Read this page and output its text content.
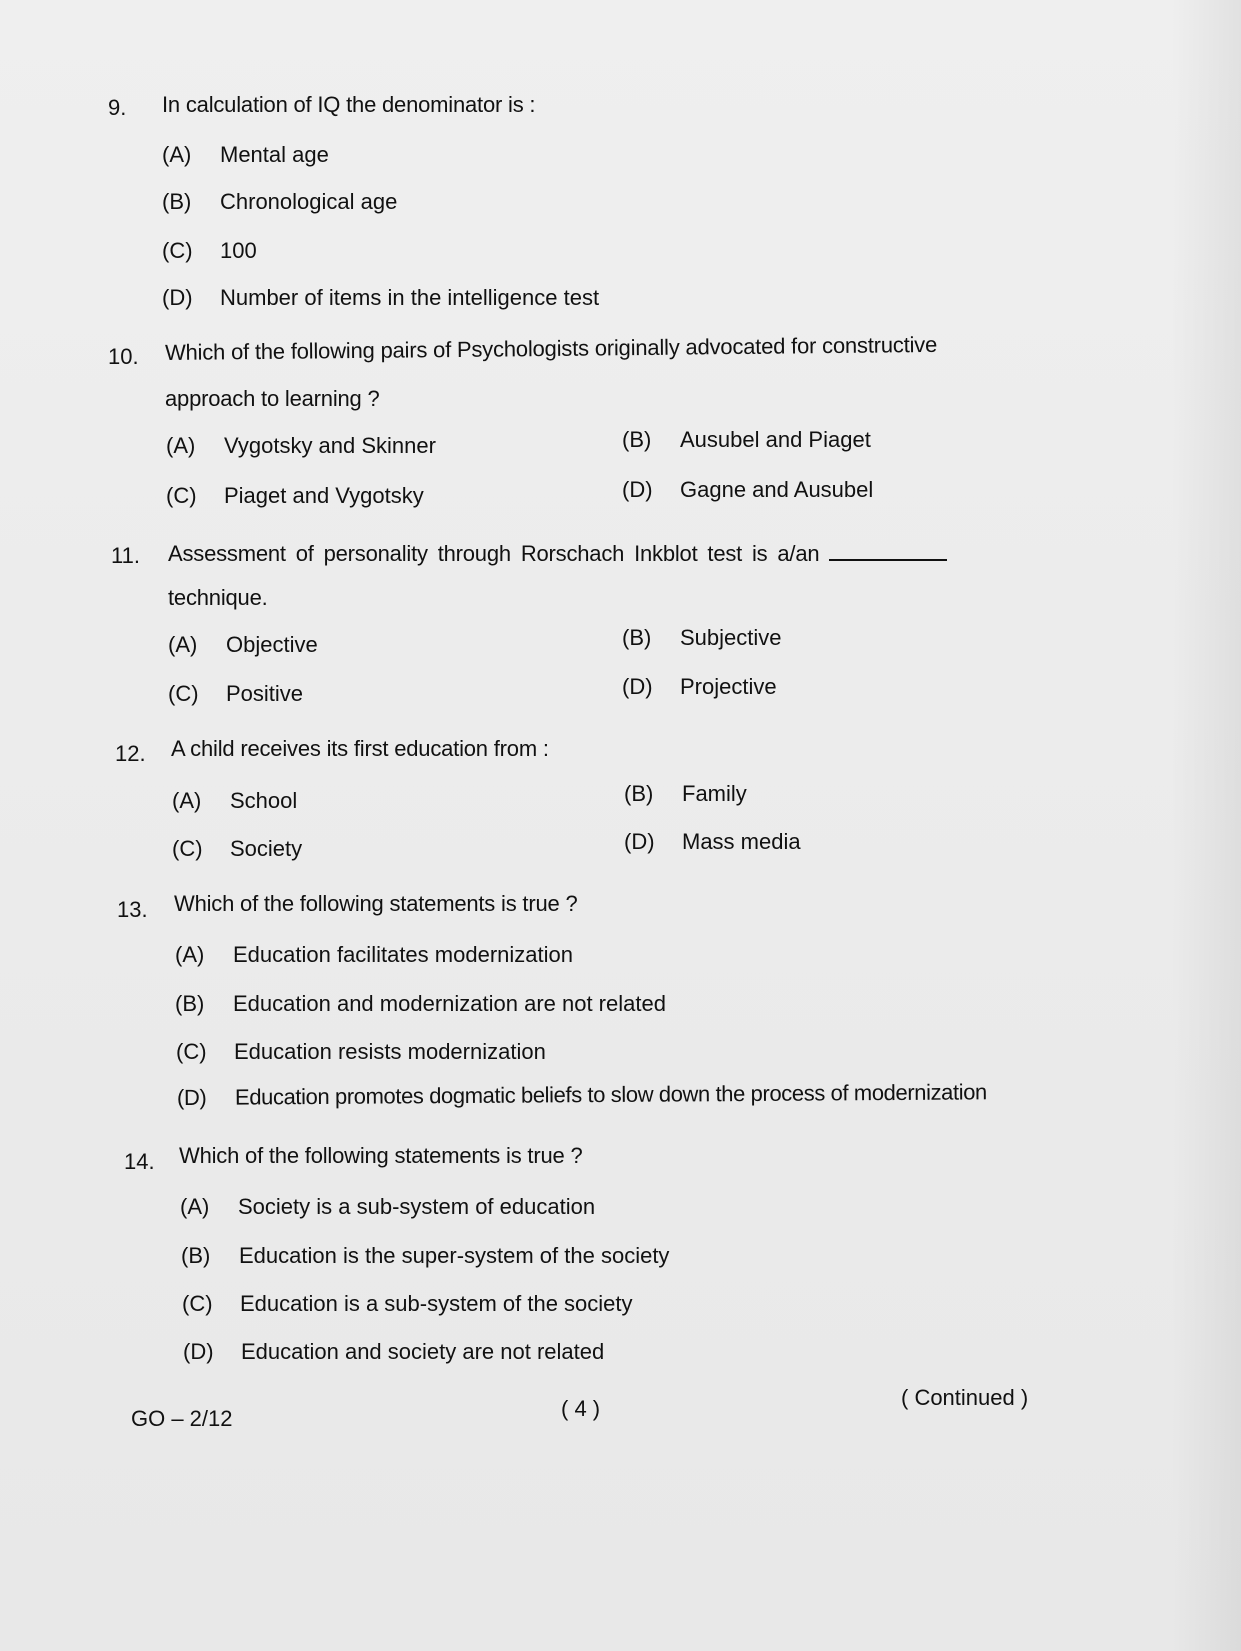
9. In calculation of IQ the denominator is :
(A) Mental age
(B) Chronological age
(C) 100
(D) Number of items in the intelligence test
10. Which of the following pairs of Psychologists originally advocated for constructive
approach to learning ?
(A) Vygotsky and Skinner	(B) Ausubel and Piaget
(C) Piaget and Vygotsky	(D) Gagne and Ausubel
11. Assessment of personality through Rorschach Inkblot test is a/an
technique.
(A) Objective	(B) Subjective
(C) Positive	(D) Projective
12. A child receives its first education from :
(A) School	(B) Family
(C) Society	(D) Mass media
13. Which of the following statements is true ?
(A) Education facilitates modernization
(B) Education and modernization are not related
(C) Education resists modernization
(D) Education promotes dogmatic beliefs to slow down the process of modernization
14. Which of the following statements is true ?
(A) Society is a sub-system of education
(B) Education is the super-system of the society
(C) Education is a sub-system of the society
(D) Education and society are not related
GO – 2/12	( 4 )	( Continued )
